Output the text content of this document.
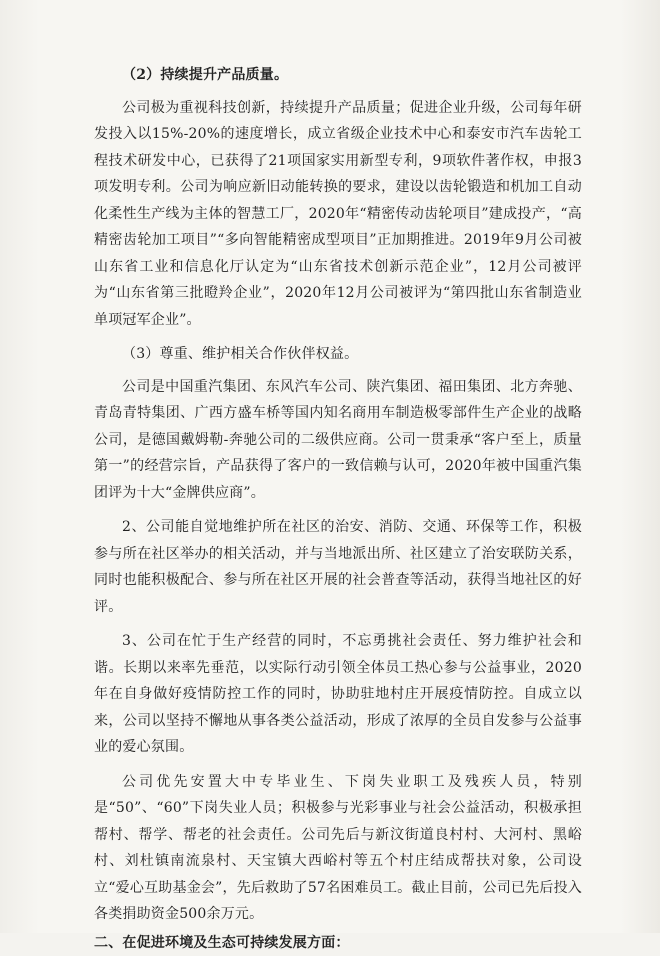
（2）持续提升产品质量。

公司极为重视科技创新，持续提升产品质量；促进企业升级，公司每年研发投入以15%-20%的速度增长，成立省级企业技术中心和泰安市汽车齿轮工程技术研发中心，已获得了21项国家实用新型专利，9项软件著作权，申报3项发明专利。公司为响应新旧动能转换的要求，建设以齿轮锻造和机加工自动化柔性生产线为主体的智慧工厂，2020年“精密传动齿轮项目”建成投产，“高精密齿轮加工项目”“多向智能精密成型项目”正加期推进。2019年9月公司被山东省工业和信息化厅认定为“山东省技术创新示范企业”，12月公司被评为“山东省第三批瞪羚企业”，2020年12月公司被评为“第四批山东省制造业单项冠军企业”。

（3）尊重、维护相关合作伙伴权益。

公司是中国重汽集团、东风汽车公司、陕汽集团、福田集团、北方奔驰、青岛青特集团、广西方盛车桥等国内知名商用车制造极零部件生产企业的战略公司，是德国戴姆勒-奔驰公司的二级供应商。公司一贯秉承“客户至上，质量第一”的经营宗旨，产品获得了客户的一致信赖与认可，2020年被中国重汽集团评为十大“金牌供应商”。

2、公司能自觉地维护所在社区的治安、消防、交通、环保等工作，积极参与所在社区举办的相关活动，并与当地派出所、社区建立了治安联防关系，同时也能积极配合、参与所在社区开展的社会普查等活动，获得当地社区的好评。

3、公司在忙于生产经营的同时，不忘勇挑社会责任、努力维护社会和谐。长期以来率先垂范，以实际行动引领全体员工热心参与公益事业，2020年在自身做好疫情防控工作的同时，协助驻地村庄开展疫情防控。自成立以来，公司以坚持不懈地从事各类公益活动，形成了浓厚的全员自发参与公益事业的爱心氛围。

公司优先安置大中专毕业生、下岗失业职工及残疾人员，特别是“50”、“60”下岗失业人员；积极参与光彩事业与社会公益活动，积极承担帮村、帮学、帮老的社会责任。公司先后与新汶街道良村村、大河村、黑峪村、刘杜镇南流泉村、天宝镇大西峪村等五个村庄结成帮扶对象，公司设立“爱心互助基金会”，先后救助了57名困难员工。截止目前，公司已先后投入各类捐助资金500余万元。

二、在促进环境及生态可持续发展方面：
